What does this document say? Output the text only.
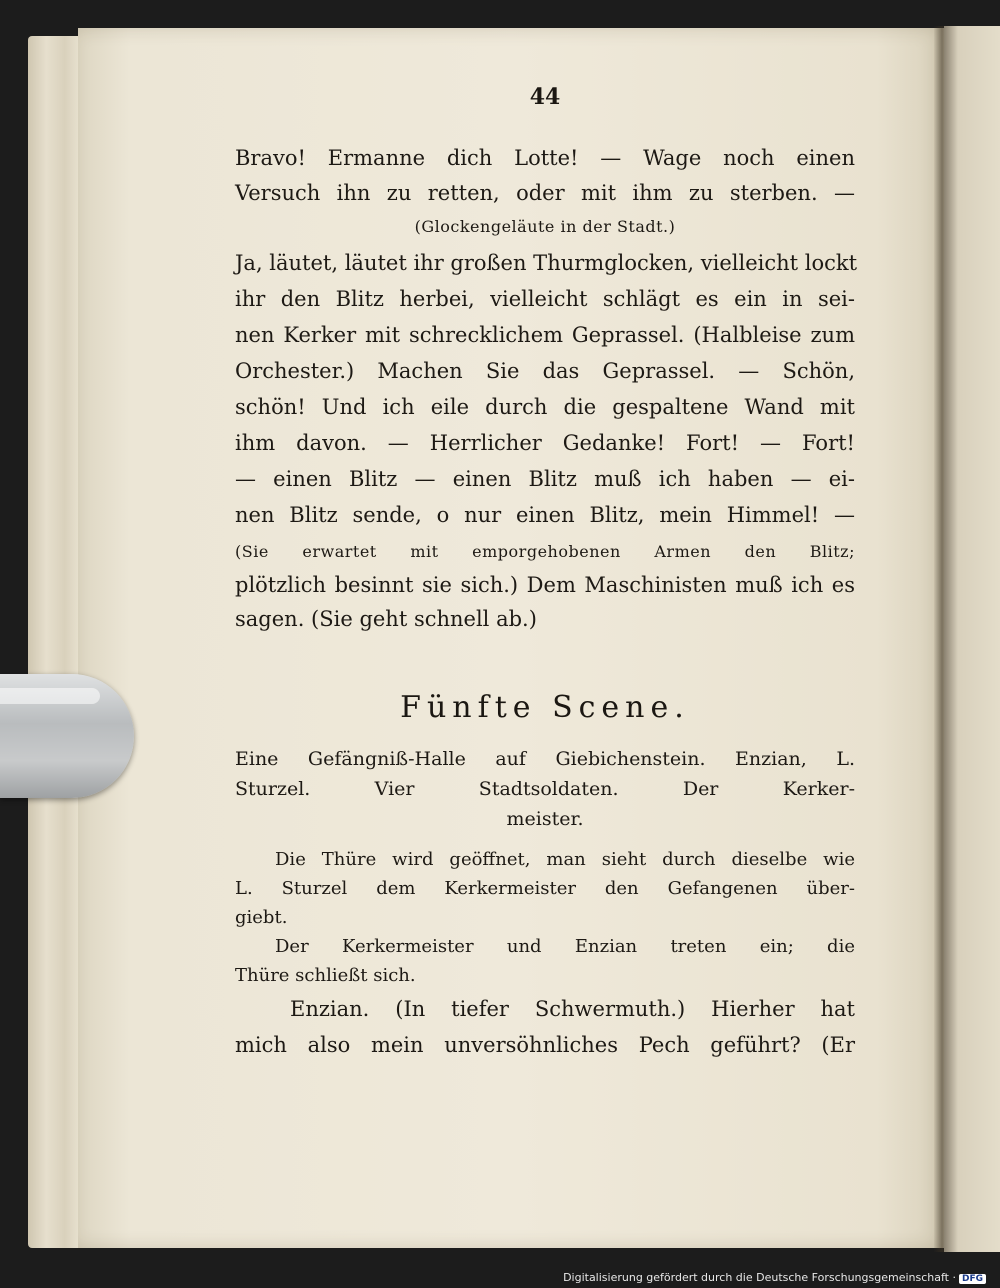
44
Bravo! Ermanne dich Lotte! — Wage noch einen
Versuch ihn zu retten, oder mit ihm zu sterben. —
(Glockengeläute in der Stadt.)
Ja, läutet, läutet ihr großen Thurmglocken, vielleicht lockt
ihr den Blitz herbei, vielleicht schlägt es ein in sei-
nen Kerker mit schrecklichem Geprassel. (Halbleise zum
Orchester.) Machen Sie das Geprassel. — Schön,
schön! Und ich eile durch die gespaltene Wand mit
ihm davon. — Herrlicher Gedanke! Fort! — Fort!
— einen Blitz — einen Blitz muß ich haben — ei-
nen Blitz sende, o nur einen Blitz, mein Himmel! —
(Sie erwartet mit emporgehobenen Armen den Blitz;
plötzlich besinnt sie sich.) Dem Maschinisten muß ich es
sagen. (Sie geht schnell ab.)
Fünfte Scene.
Eine Gefängniß-Halle auf Giebichenstein. Enzian, L.
Sturzel. Vier Stadtsoldaten. Der Kerker-
meister.
Die Thüre wird geöffnet, man sieht durch dieselbe wie
L. Sturzel dem Kerkermeister den Gefangenen über-
giebt.
Der Kerkermeister und Enzian treten ein; die
Thüre schließt sich.
Enzian. (In tiefer Schwermuth.) Hierher hat
mich also mein unversöhnliches Pech geführt? (Er
Digitalisierung gefördert durch die Deutsche Forschungsgemeinschaft · DFG
